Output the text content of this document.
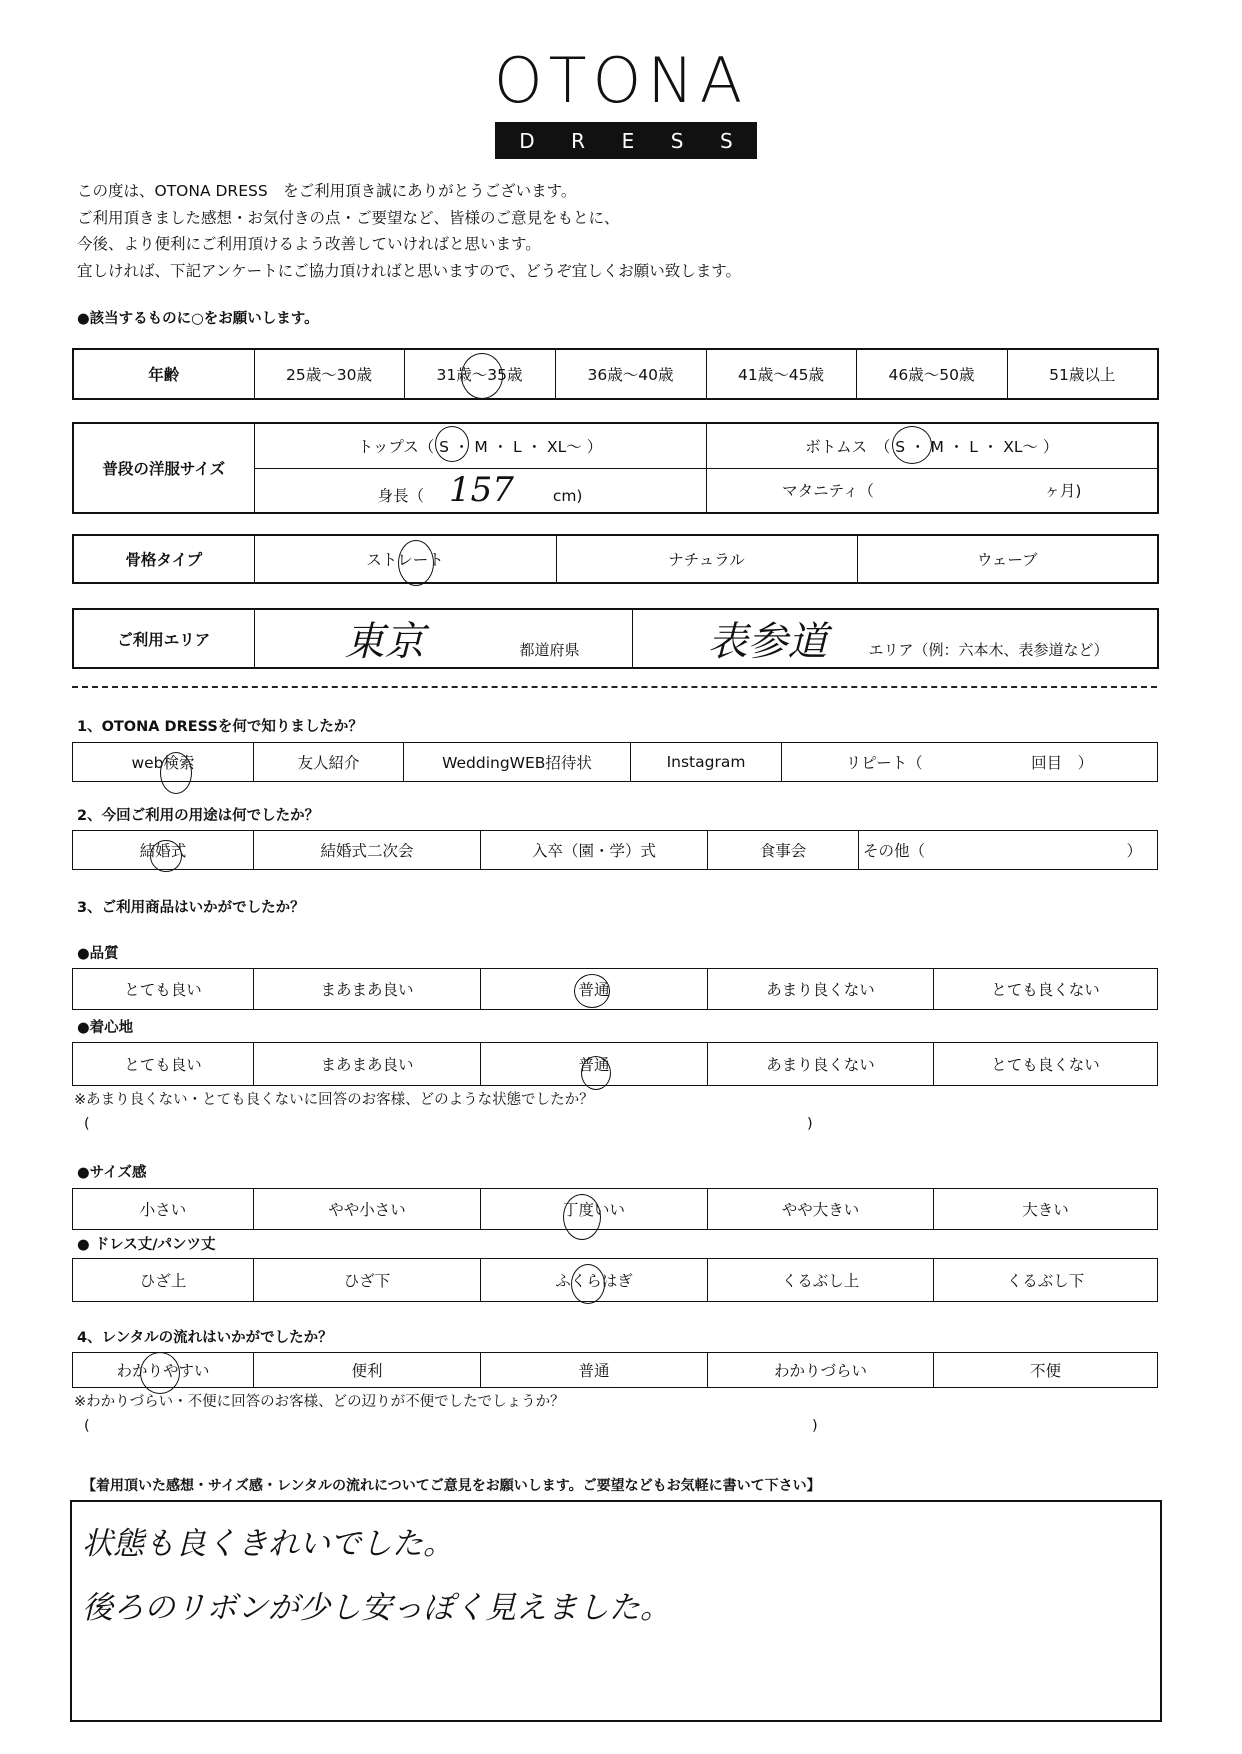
OTONA
D R E S S
この度は、OTONA DRESS　をご利用頂き誠にありがとうございます。
ご利用頂きました感想・お気付きの点・ご要望など、皆様のご意見をもとに、
今後、より便利にご利用頂けるよう改善していければと思います。
宜しければ、下記アンケートにご協力頂ければと思いますので、どうぞ宜しくお願い致します。
●該当するものに○をお願いします。
年齢	25歳～30歳	31歳～35歳	36歳～40歳	41歳～45歳	46歳～50歳	51歳以上
普段の洋服サイズ	トップス（ S ・ M ・ L ・ XL～ ）	ボトムス　（ S ・ M ・ L ・ XL～ ）
	身長（ 157 cm)	マタニティ（　　　　　　　　　　　ヶ月)
骨格タイプ	ストレート	ナチュラル	ウェーブ
ご利用エリア	東京	都道府県	表参道	エリア（例：六本木、表参道など）
1、OTONA DRESSを何で知りましたか？
web検索	友人紹介	WeddingWEB招待状	Instagram	リピート（　　　　　　　回目　）
2、今回ご利用の用途は何でしたか？
結婚式	結婚式二次会	入卒（園・学）式	食事会	その他（　　　　　　　　　　　　　）
3、ご利用商品はいかがでしたか？
●品質
とても良い	まあまあ良い	普通	あまり良くない	とても良くない
●着心地
とても良い	まあまあ良い	普通	あまり良くない	とても良くない
※あまり良くない・とても良くないに回答のお客様、どのような状態でしたか？
(	)
●サイズ感
小さい	やや小さい	丁度いい	やや大きい	大きい
● ドレス丈/パンツ丈
ひざ上	ひざ下	ふくらはぎ	くるぶし上	くるぶし下
4、レンタルの流れはいかがでしたか？
わかりやすい	便利	普通	わかりづらい	不便
※わかりづらい・不便に回答のお客様、どの辺りが不便でしたでしょうか？
(	)
【着用頂いた感想・サイズ感・レンタルの流れについてご意見をお願いします。ご要望などもお気軽に書いて下さい】
状態も良くきれいでした。
後ろのリボンが少し安っぽく見えました。
